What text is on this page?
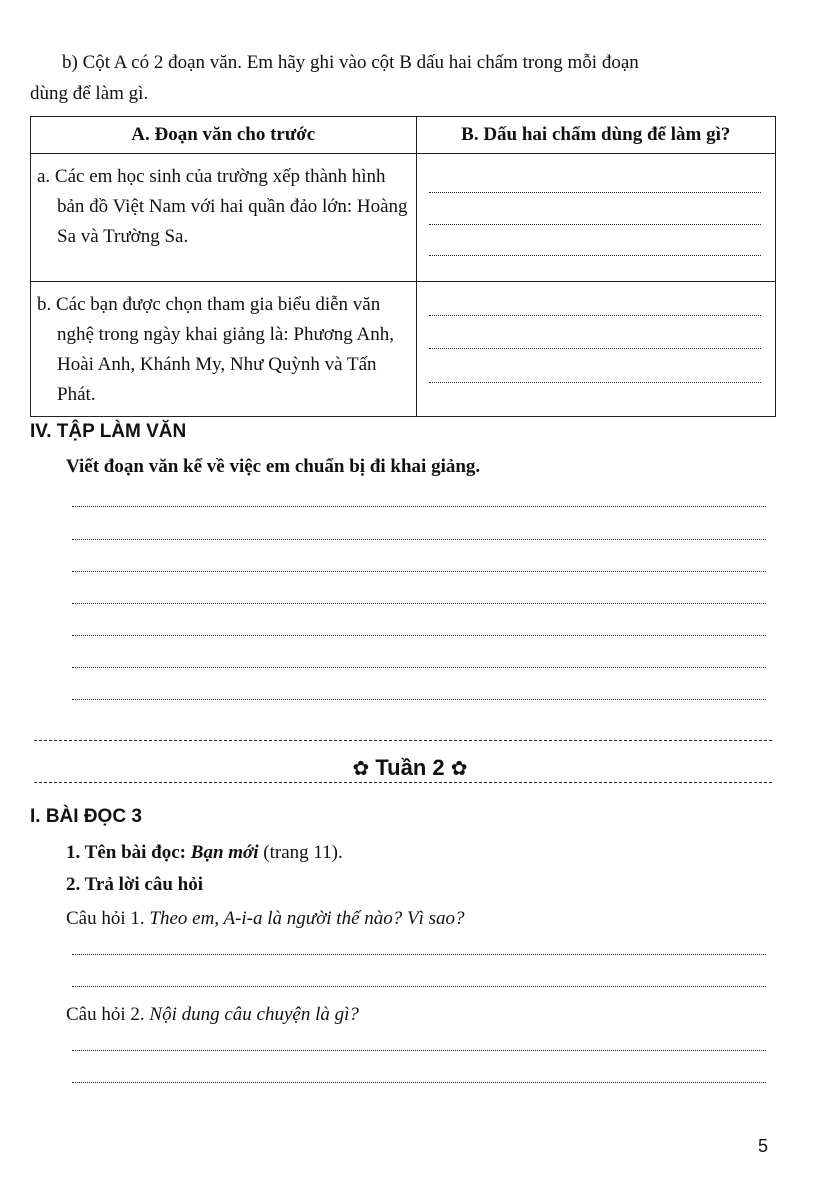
b) Cột A có 2 đoạn văn. Em hãy ghi vào cột B dấu hai chấm trong mỗi đoạn
dùng để làm gì.
A. Đoạn văn cho trước	B. Dấu hai chấm dùng để làm gì?

a. Các em học sinh của trường xếp thành hình bản đồ Việt Nam với hai quần đảo lớn: Hoàng Sa và Trường Sa.	

b. Các bạn được chọn tham gia biểu diễn văn nghệ trong ngày khai giảng là: Phương Anh, Hoài Anh, Khánh My, Như Quỳnh và Tấn Phát.	

IV. TẬP LÀM VĂN
Viết đoạn văn kể về việc em chuẩn bị đi khai giảng.
✿ Tuần 2 ✿
I. BÀI ĐỌC 3
1. Tên bài đọc: Bạn mới (trang 11).
2. Trả lời câu hỏi
Câu hỏi 1. Theo em, A-i-a là người thế nào? Vì sao?
Câu hỏi 2. Nội dung câu chuyện là gì?
5
